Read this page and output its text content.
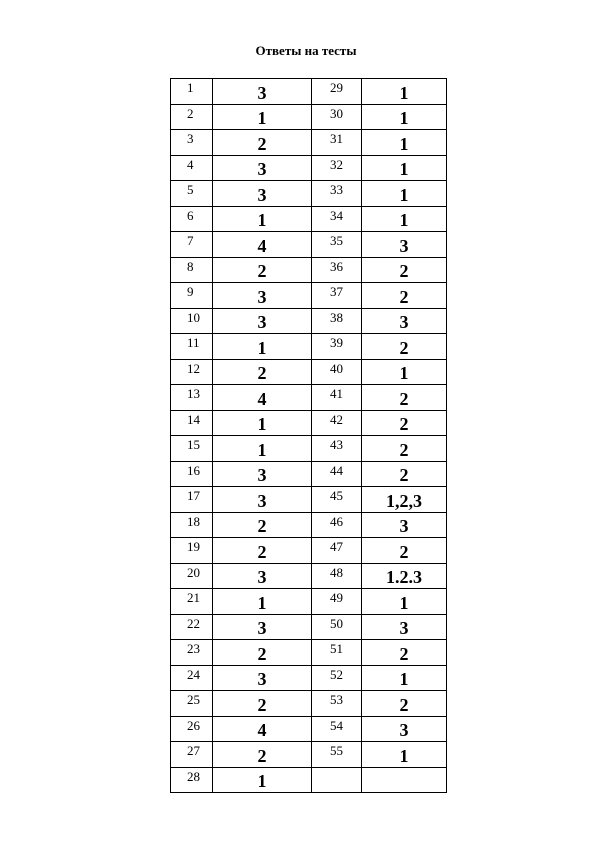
Ответы на тесты
1	3	29	1
2	1	30	1
3	2	31	1
4	3	32	1
5	3	33	1
6	1	34	1
7	4	35	3
8	2	36	2
9	3	37	2
10	3	38	3
11	1	39	2
12	2	40	1
13	4	41	2
14	1	42	2
15	1	43	2
16	3	44	2
17	3	45	1,2,3
18	2	46	3
19	2	47	2
20	3	48	1.2.3
21	1	49	1
22	3	50	3
23	2	51	2
24	3	52	1
25	2	53	2
26	4	54	3
27	2	55	1
28	1		
